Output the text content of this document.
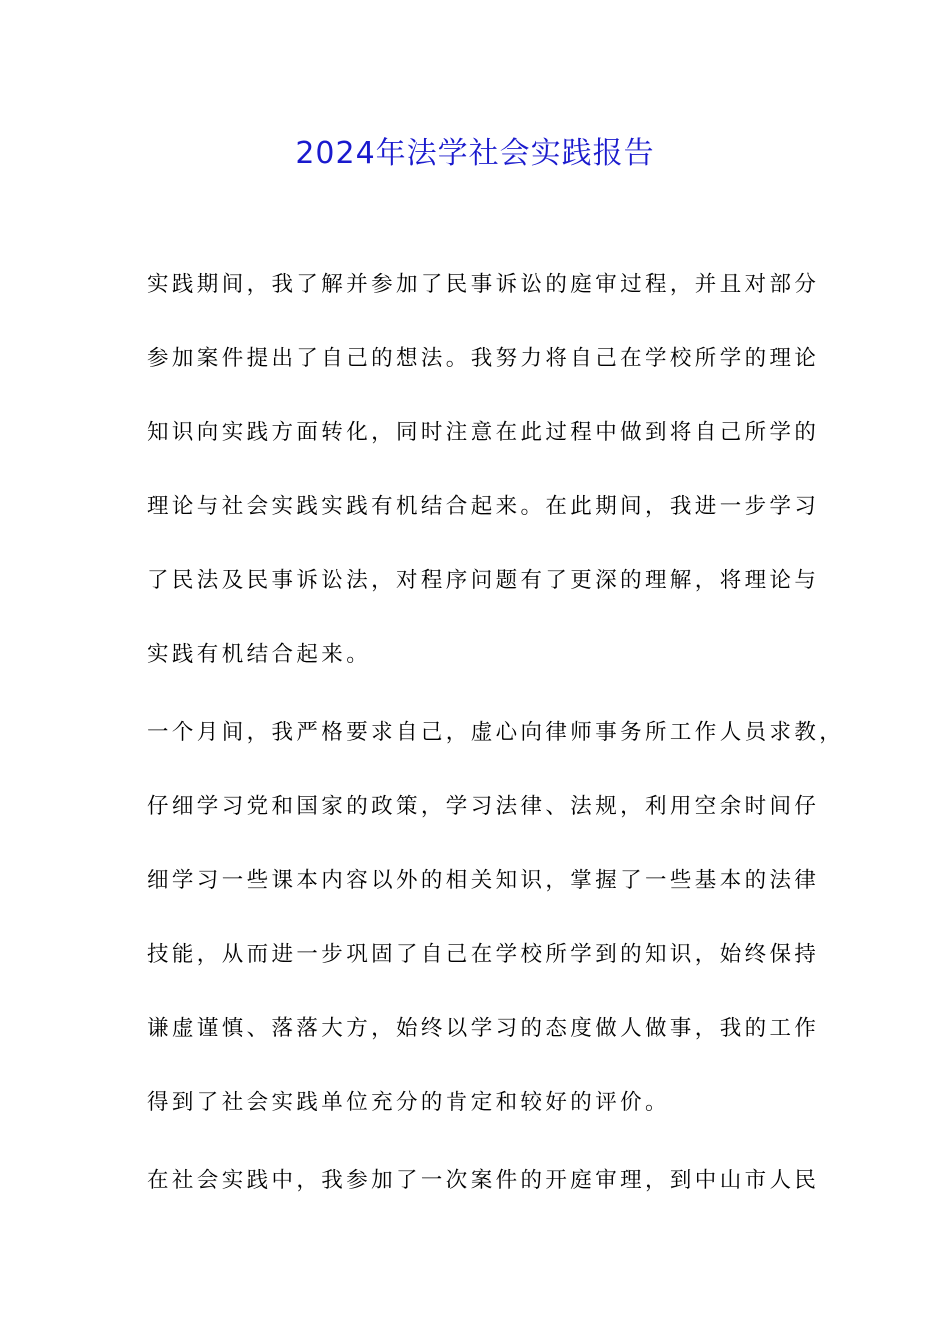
2024年法学社会实践报告
实践期间，我了解并参加了民事诉讼的庭审过程，并且对部分
参加案件提出了自己的想法。我努力将自己在学校所学的理论
知识向实践方面转化，同时注意在此过程中做到将自己所学的
理论与社会实践实践有机结合起来。在此期间，我进一步学习
了民法及民事诉讼法，对程序问题有了更深的理解，将理论与
实践有机结合起来。
一个月间，我严格要求自己，虚心向律师事务所工作人员求教，
仔细学习党和国家的政策，学习法律、法规，利用空余时间仔
细学习一些课本内容以外的相关知识，掌握了一些基本的法律
技能，从而进一步巩固了自己在学校所学到的知识，始终保持
谦虚谨慎、落落大方，始终以学习的态度做人做事，我的工作
得到了社会实践单位充分的肯定和较好的评价。
在社会实践中，我参加了一次案件的开庭审理，到中山市人民
